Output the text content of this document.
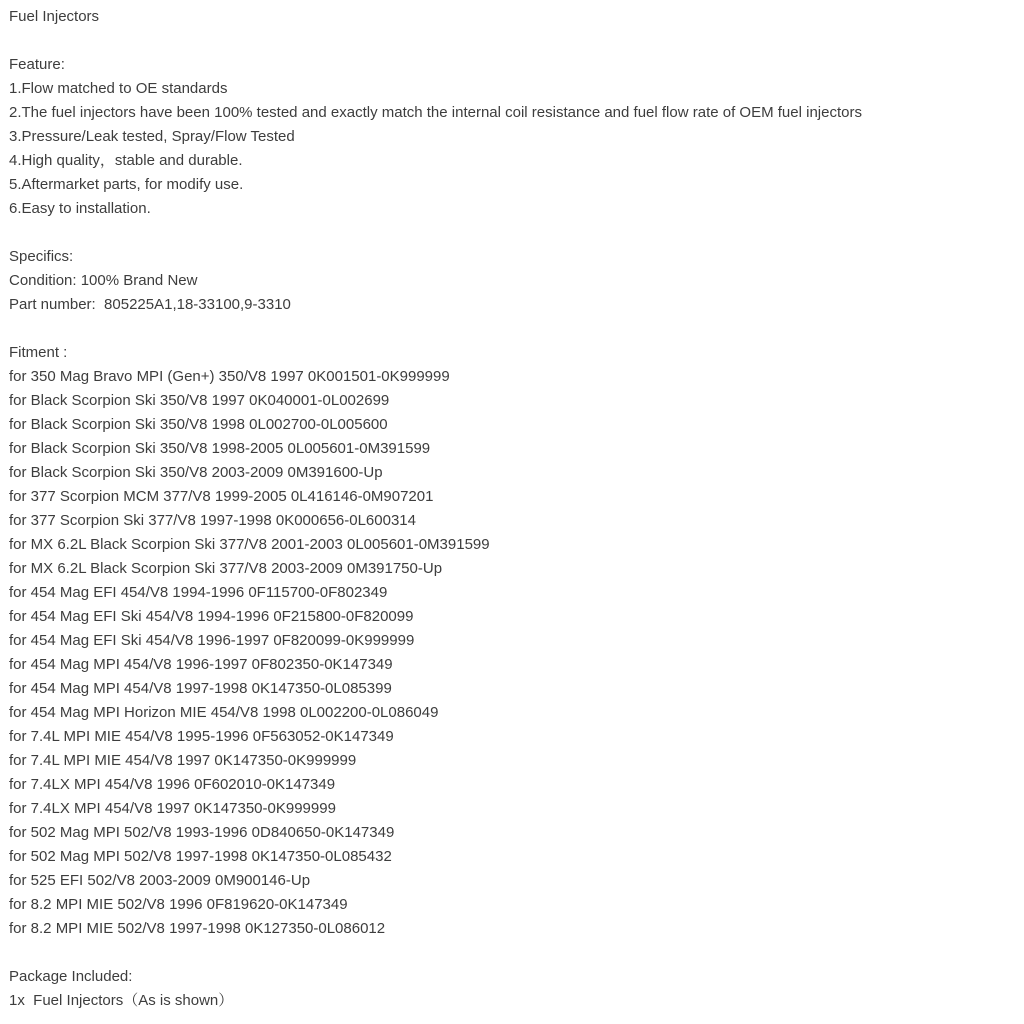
Fuel Injectors

Feature:

1.Flow matched to OE standards

2.The fuel injectors have been 100% tested and exactly match the internal coil resistance and fuel flow rate of OEM fuel injectors

3.Pressure/Leak tested, Spray/Flow Tested

4.High quality，stable and durable.

5.Aftermarket parts, for modify use.

6.Easy to installation.

Specifics:

Condition: 100% Brand New

Part number:  805225A1,18-33100,9-3310

Fitment :

for 350 Mag Bravo MPI (Gen+) 350/V8 1997 0K001501-0K999999

for Black Scorpion Ski 350/V8 1997 0K040001-0L002699

for Black Scorpion Ski 350/V8 1998 0L002700-0L005600

for Black Scorpion Ski 350/V8 1998-2005 0L005601-0M391599

for Black Scorpion Ski 350/V8 2003-2009 0M391600-Up

for 377 Scorpion MCM 377/V8 1999-2005 0L416146-0M907201

for 377 Scorpion Ski 377/V8 1997-1998 0K000656-0L600314

for MX 6.2L Black Scorpion Ski 377/V8 2001-2003 0L005601-0M391599

for MX 6.2L Black Scorpion Ski 377/V8 2003-2009 0M391750-Up

for 454 Mag EFI 454/V8 1994-1996 0F115700-0F802349

for 454 Mag EFI Ski 454/V8 1994-1996 0F215800-0F820099

for 454 Mag EFI Ski 454/V8 1996-1997 0F820099-0K999999

for 454 Mag MPI 454/V8 1996-1997 0F802350-0K147349

for 454 Mag MPI 454/V8 1997-1998 0K147350-0L085399

for 454 Mag MPI Horizon MIE 454/V8 1998 0L002200-0L086049

for 7.4L MPI MIE 454/V8 1995-1996 0F563052-0K147349

for 7.4L MPI MIE 454/V8 1997 0K147350-0K999999

for 7.4LX MPI 454/V8 1996 0F602010-0K147349

for 7.4LX MPI 454/V8 1997 0K147350-0K999999

for 502 Mag MPI 502/V8 1993-1996 0D840650-0K147349

for 502 Mag MPI 502/V8 1997-1998 0K147350-0L085432

for 525 EFI 502/V8 2003-2009 0M900146-Up

for 8.2 MPI MIE 502/V8 1996 0F819620-0K147349

for 8.2 MPI MIE 502/V8 1997-1998 0K127350-0L086012

Package Included:

1x  Fuel Injectors（As is shown）
